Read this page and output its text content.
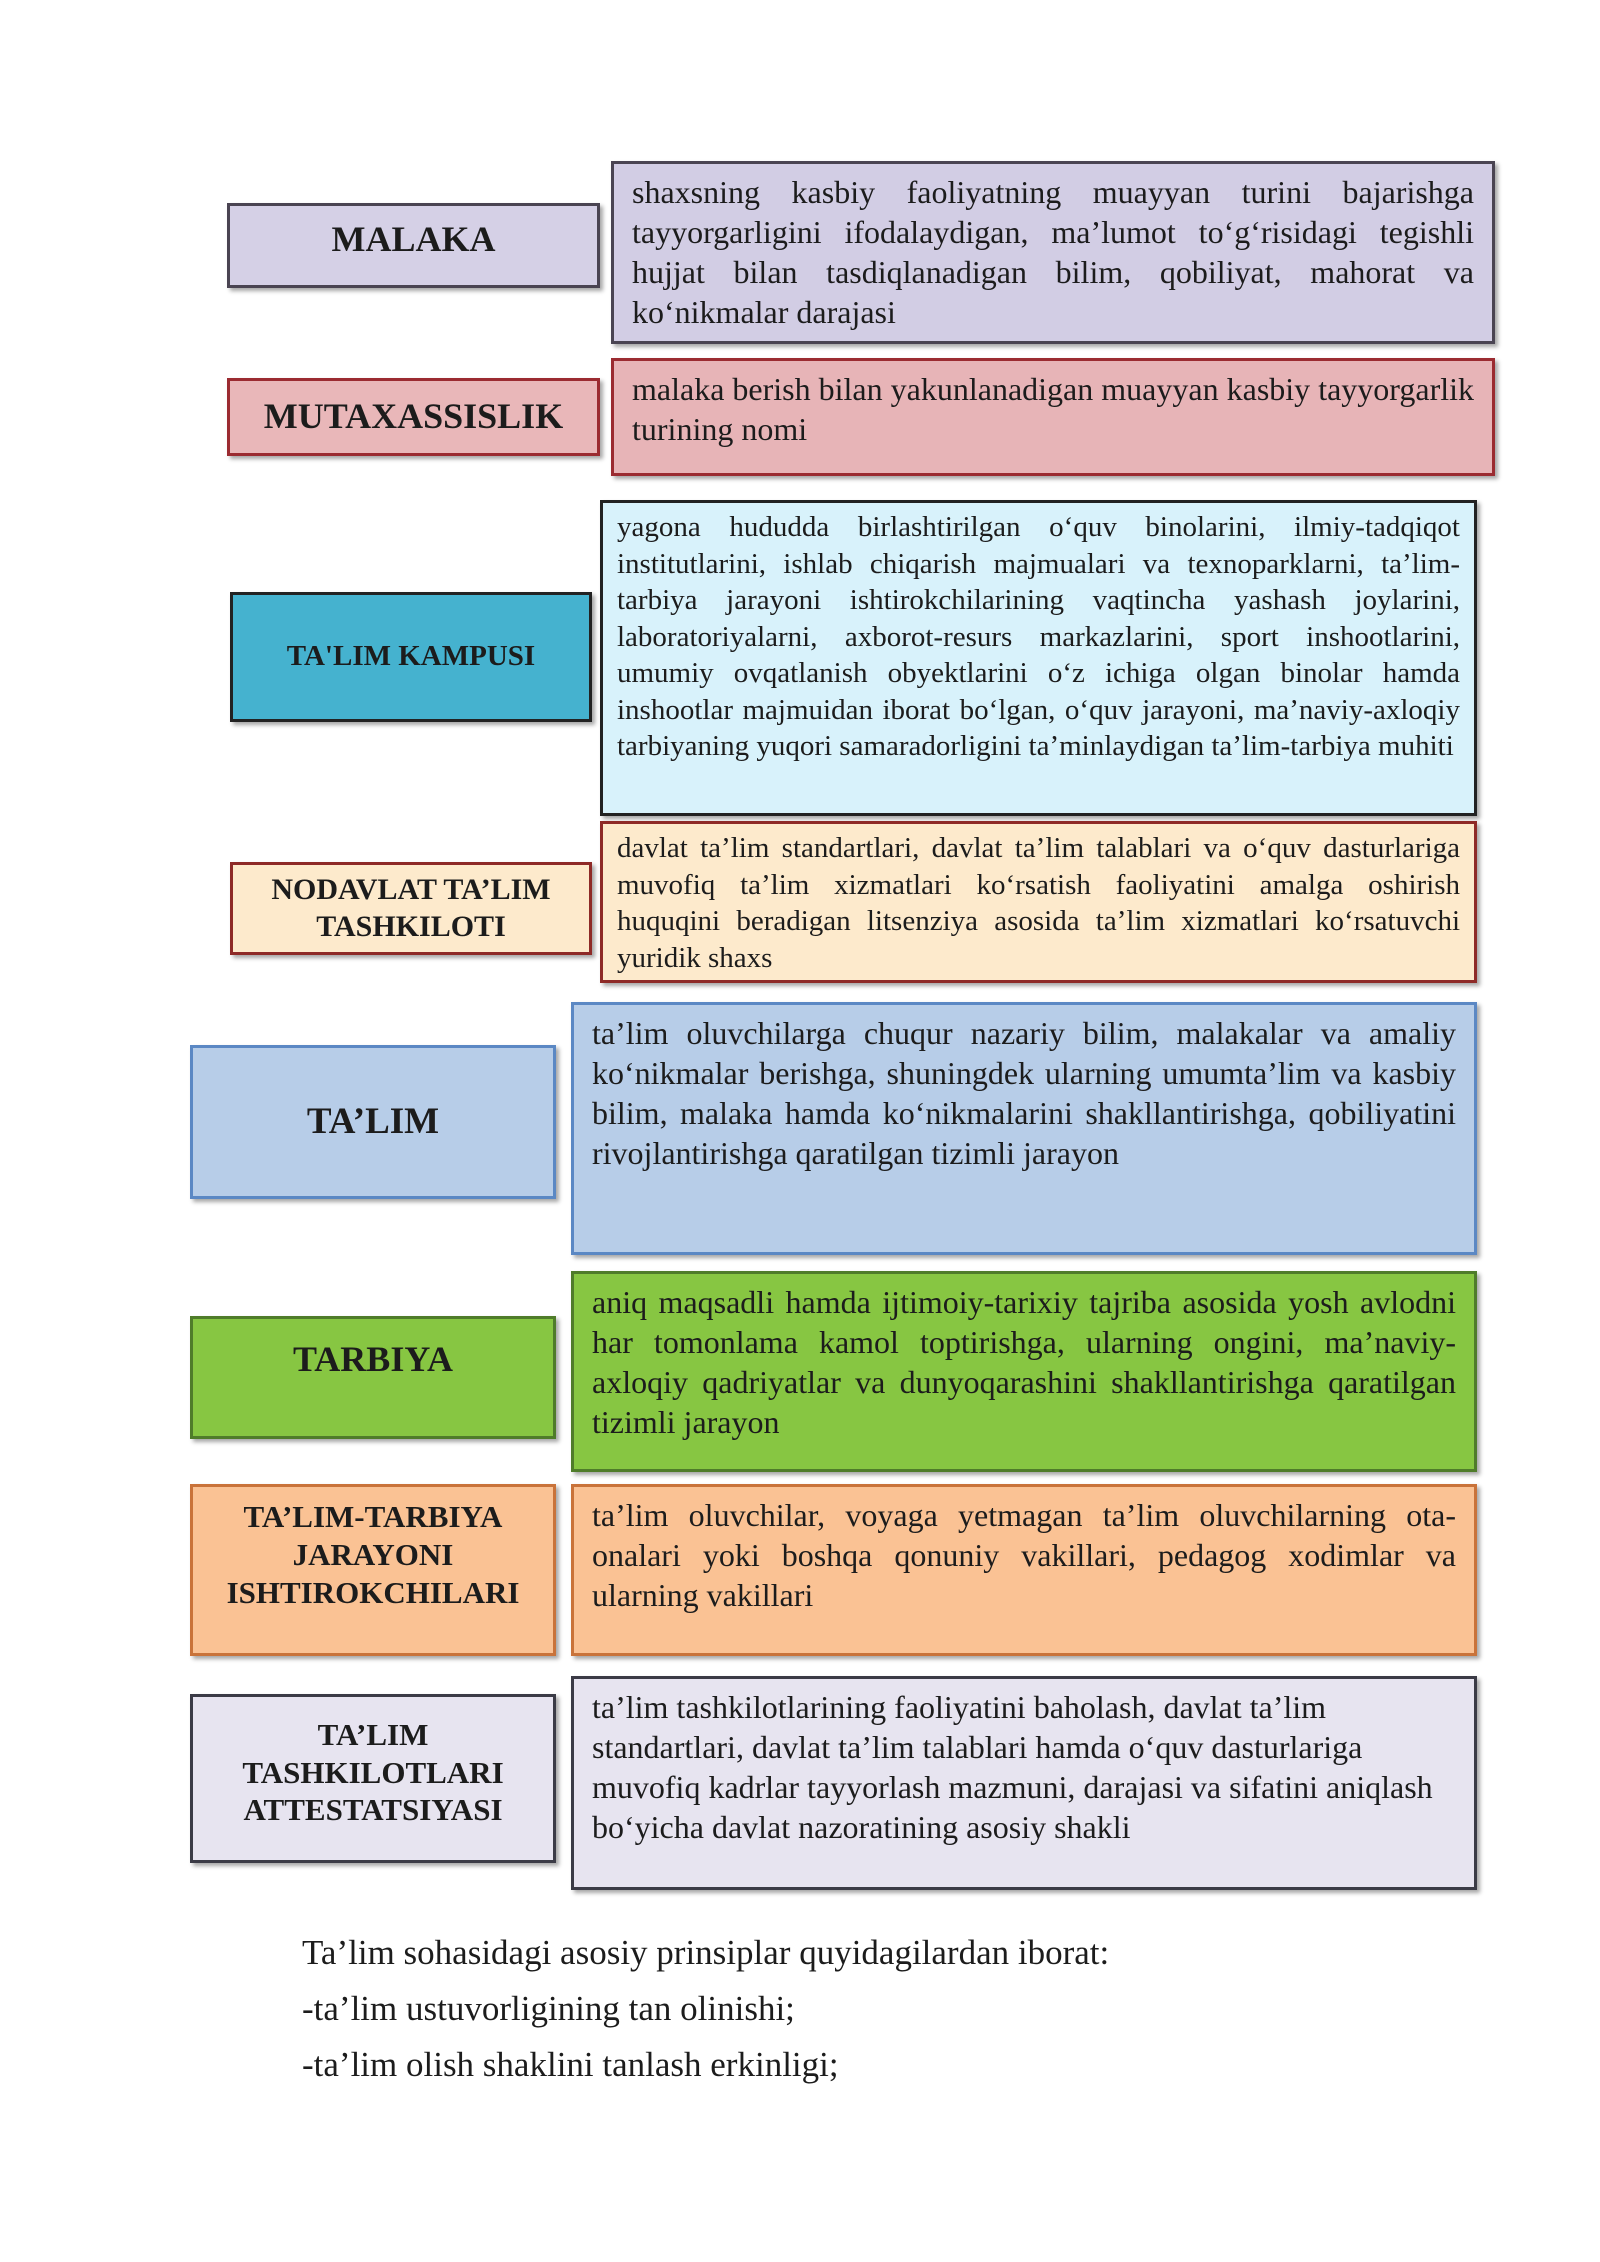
MALAKA
shaxsning kasbiy faoliyatning muayyan turini bajarishga tayyorgarligini ifodalaydigan, ma’lumot to‘g‘risidagi tegishli hujjat bilan tasdiqlanadigan bilim, qobiliyat, mahorat va ko‘nikmalar darajasi
MUTAXASSISLIK
malaka berish bilan yakunlanadigan muayyan kasbiy tayyorgarlik turining nomi
TA'LIM KAMPUSI
yagona hududda birlashtirilgan o‘quv binolarini, ilmiy-tadqiqot institutlarini, ishlab chiqarish majmualari va texnoparklarni, ta’lim-tarbiya jarayoni ishtirokchilarining vaqtincha yashash joylarini, laboratoriyalarni, axborot-resurs markazlarini, sport inshootlarini, umumiy ovqatlanish obyektlarini o‘z ichiga olgan binolar hamda inshootlar majmuidan iborat bo‘lgan, o‘quv jarayoni, ma’naviy-axloqiy tarbiyaning yuqori samaradorligini ta’minlaydigan ta’lim-tarbiya muhiti
NODAVLAT TA’LIM
TASHKILOTI
davlat ta’lim standartlari, davlat ta’lim talablari va o‘quv dasturlariga muvofiq ta’lim xizmatlari ko‘rsatish faoliyatini amalga oshirish huquqini beradigan litsenziya asosida ta’lim xizmatlari ko‘rsatuvchi yuridik shaxs
TA’LIM
ta’lim oluvchilarga chuqur nazariy bilim, malakalar va amaliy ko‘nikmalar berishga, shuningdek ularning umumta’lim va kasbiy bilim, malaka hamda ko‘nikmalarini shakllantirishga, qobiliyatini rivojlantirishga qaratilgan tizimli jarayon
TARBIYA
aniq maqsadli hamda ijtimoiy-tarixiy tajriba asosida yosh avlodni har tomonlama kamol toptirishga, ularning ongini, ma’naviy-axloqiy qadriyatlar va dunyoqarashini shakllantirishga qaratilgan tizimli jarayon
TA’LIM-TARBIYA
JARAYONI
ISHTIROKCHILARI
ta’lim oluvchilar, voyaga yetmagan ta’lim oluvchilarning ota-onalari yoki boshqa qonuniy vakillari, pedagog xodimlar va ularning vakillari
TA’LIM
TASHKILOTLARI
ATTESTATSIYASI
ta’lim tashkilotlarining faoliyatini baholash, davlat ta’lim standartlari, davlat ta’lim talablari hamda o‘quv dasturlariga muvofiq kadrlar tayyorlash mazmuni, darajasi va sifatini aniqlash bo‘yicha davlat nazoratining asosiy shakli
Ta’lim sohasidagi asosiy prinsiplar quyidagilardan iborat:
-ta’lim ustuvorligining tan olinishi;
-ta’lim olish shaklini tanlash erkinligi;
